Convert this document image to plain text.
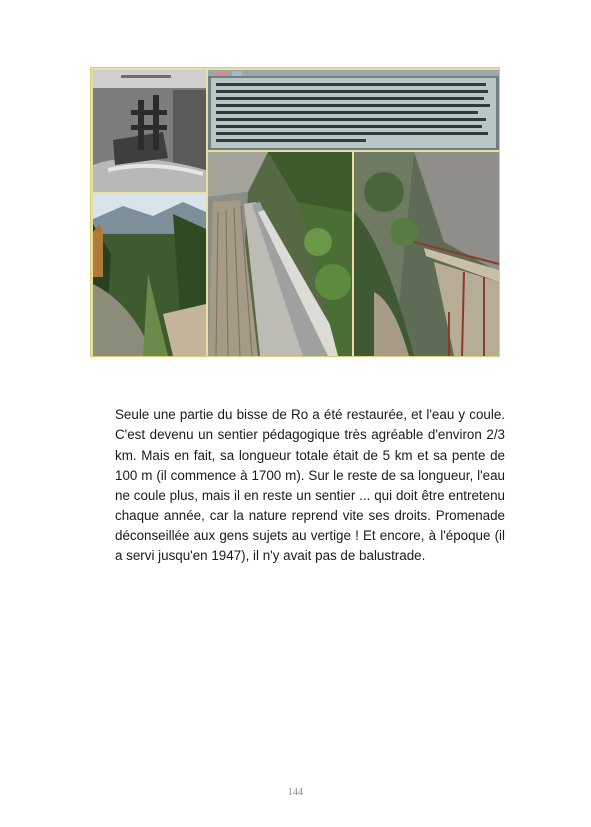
Seule une partie du bisse de Ro a été restaurée, et l'eau y coule. C'est devenu un sentier pédagogique très agréable d'environ 2/3 km. Mais en fait, sa longueur totale était de 5 km et sa pente de 100 m (il commence à 1700 m). Sur le reste de sa longueur, l'eau ne coule plus, mais il en reste un sentier ... qui doit être entretenu chaque année, car la nature reprend vite ses droits. Promenade déconseillée aux gens sujets au vertige ! Et encore, à l'époque (il a servi jusqu'en 1947), il n'y avait pas de balustrade.

144
